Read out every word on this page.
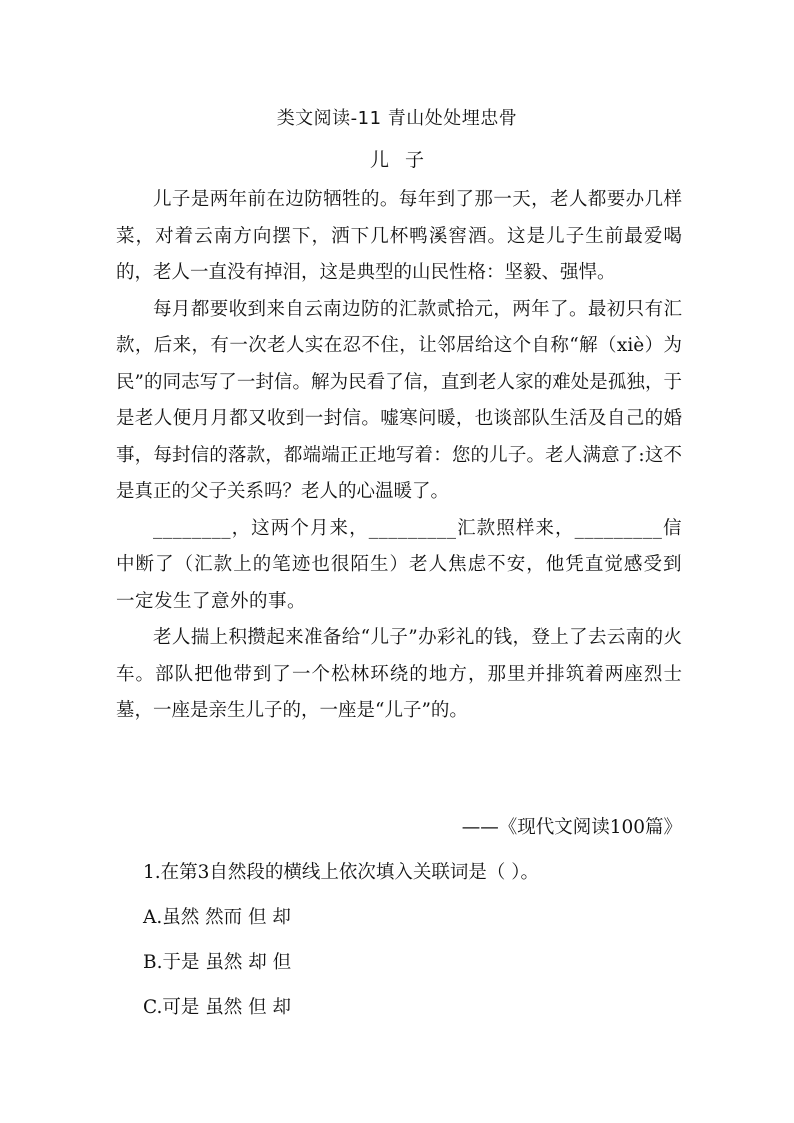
类文阅读-11 青山处处埋忠骨
儿子

儿子是两年前在边防牺牲的。每年到了那一天，老人都要办几样菜，对着云南方向摆下，洒下几杯鸭溪窖酒。这是儿子生前最爱喝的，老人一直没有掉泪，这是典型的山民性格：坚毅、强悍。

每月都要收到来自云南边防的汇款贰拾元，两年了。最初只有汇款，后来，有一次老人实在忍不住，让邻居给这个自称“解（xiè）为民”的同志写了一封信。解为民看了信，直到老人家的难处是孤独，于是老人便月月都又收到一封信。嘘寒问暖，也谈部队生活及自己的婚事，每封信的落款，都端端正正地写着：您的儿子。老人满意了:这不是真正的父子关系吗？老人的心温暖了。

________，这两个月来，_________汇款照样来，_________信中断了（汇款上的笔迹也很陌生）老人焦虑不安，他凭直觉感受到一定发生了意外的事。

老人揣上积攒起来准备给“儿子”办彩礼的钱，登上了去云南的火车。部队把他带到了一个松林环绕的地方，那里并排筑着两座烈士墓，一座是亲生儿子的，一座是“儿子”的。

——《现代文阅读100篇》
1.在第3自然段的横线上依次填入关联词是（ ）。
A.虽然 然而 但 却
B.于是 虽然 却 但
C.可是 虽然 但 却
